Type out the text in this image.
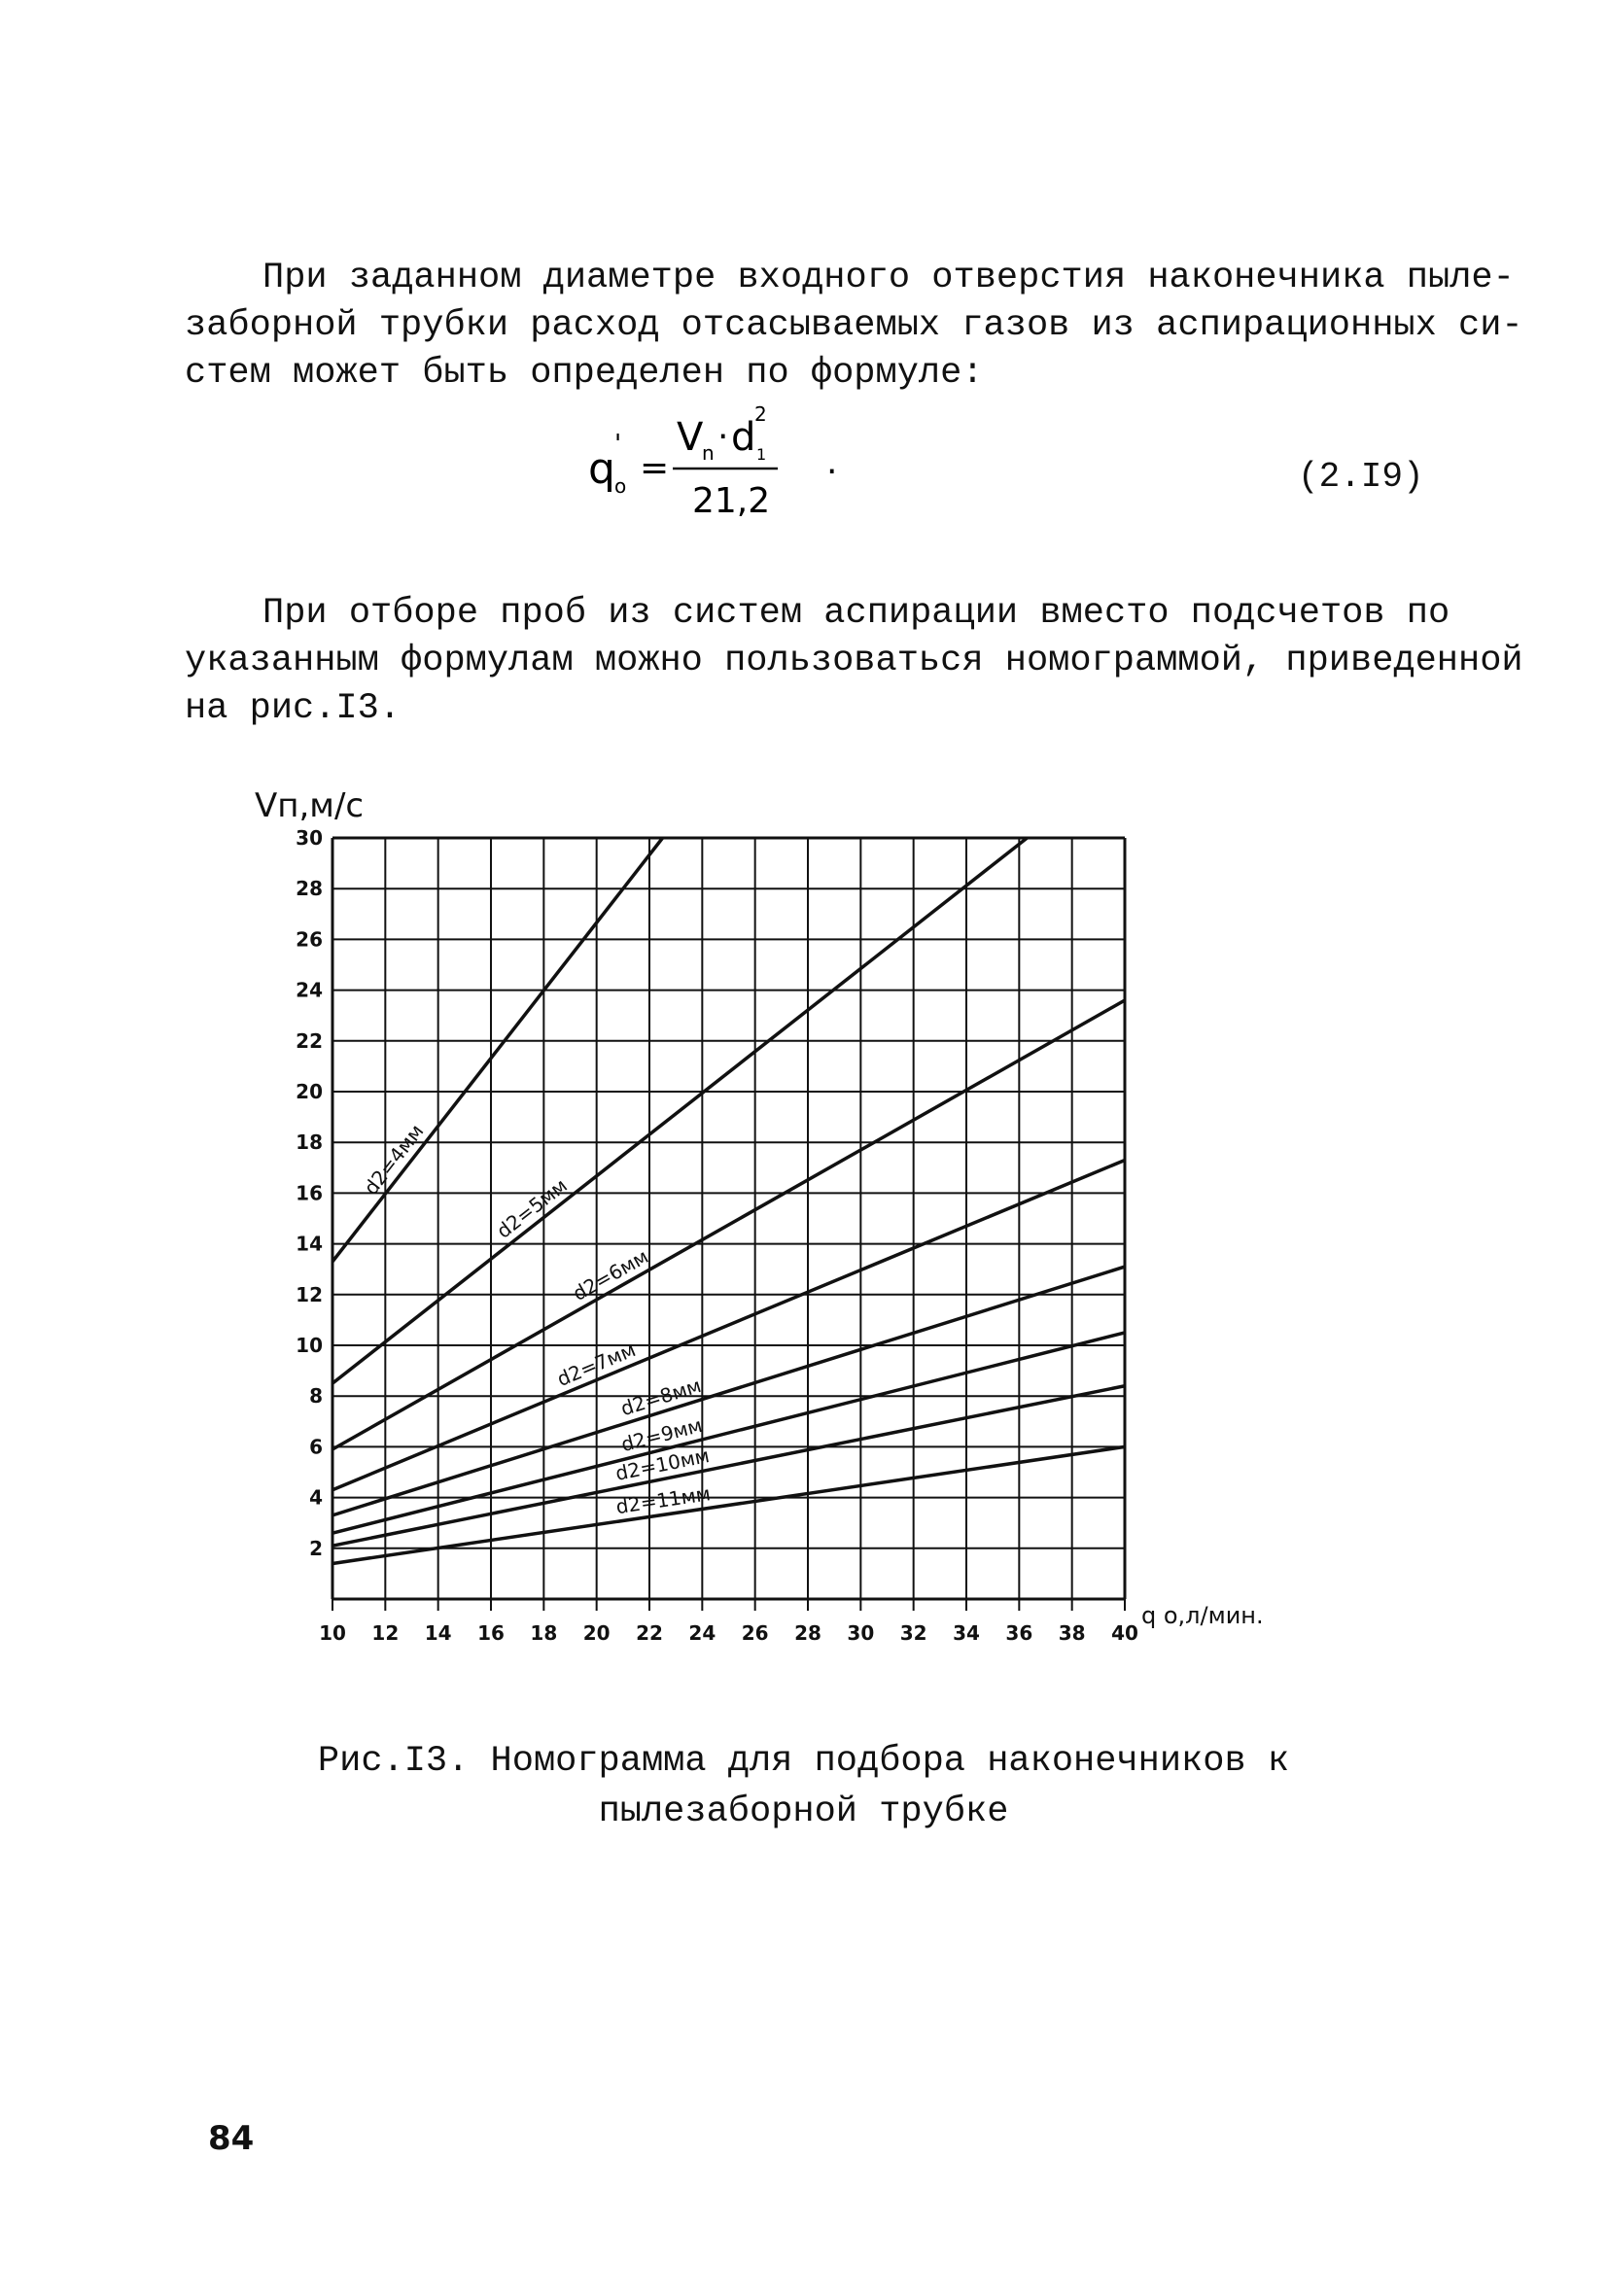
При заданном диаметре входного отверстия наконечника пыле-
заборной трубки расход отсасываемых газов из аспирационных си-
стем может быть определен по формуле:
q '
o =
V
n · d 1
2
21,2
.	(2.I9)
При отборе проб из систем аспирации вместо подсчетов по
указанным формулам можно пользоваться номограммой, приведенной
на рис.I3.
d2=4мм
d2=5мм
d2=6мм
d2=7мм
d2=8мм
d2=9мм
d2=10мм
d2=11мм
10 12 14 16 18 20 22 24 26 28 30 32 34 36 38 40
2
4
6
8
10
12
14
16
18
20
22
24
26
28
30
Vп,м/с
q о,л/мин.
Рис.I3. Номограмма для подбора наконечников к
пылезаборной трубке
84
